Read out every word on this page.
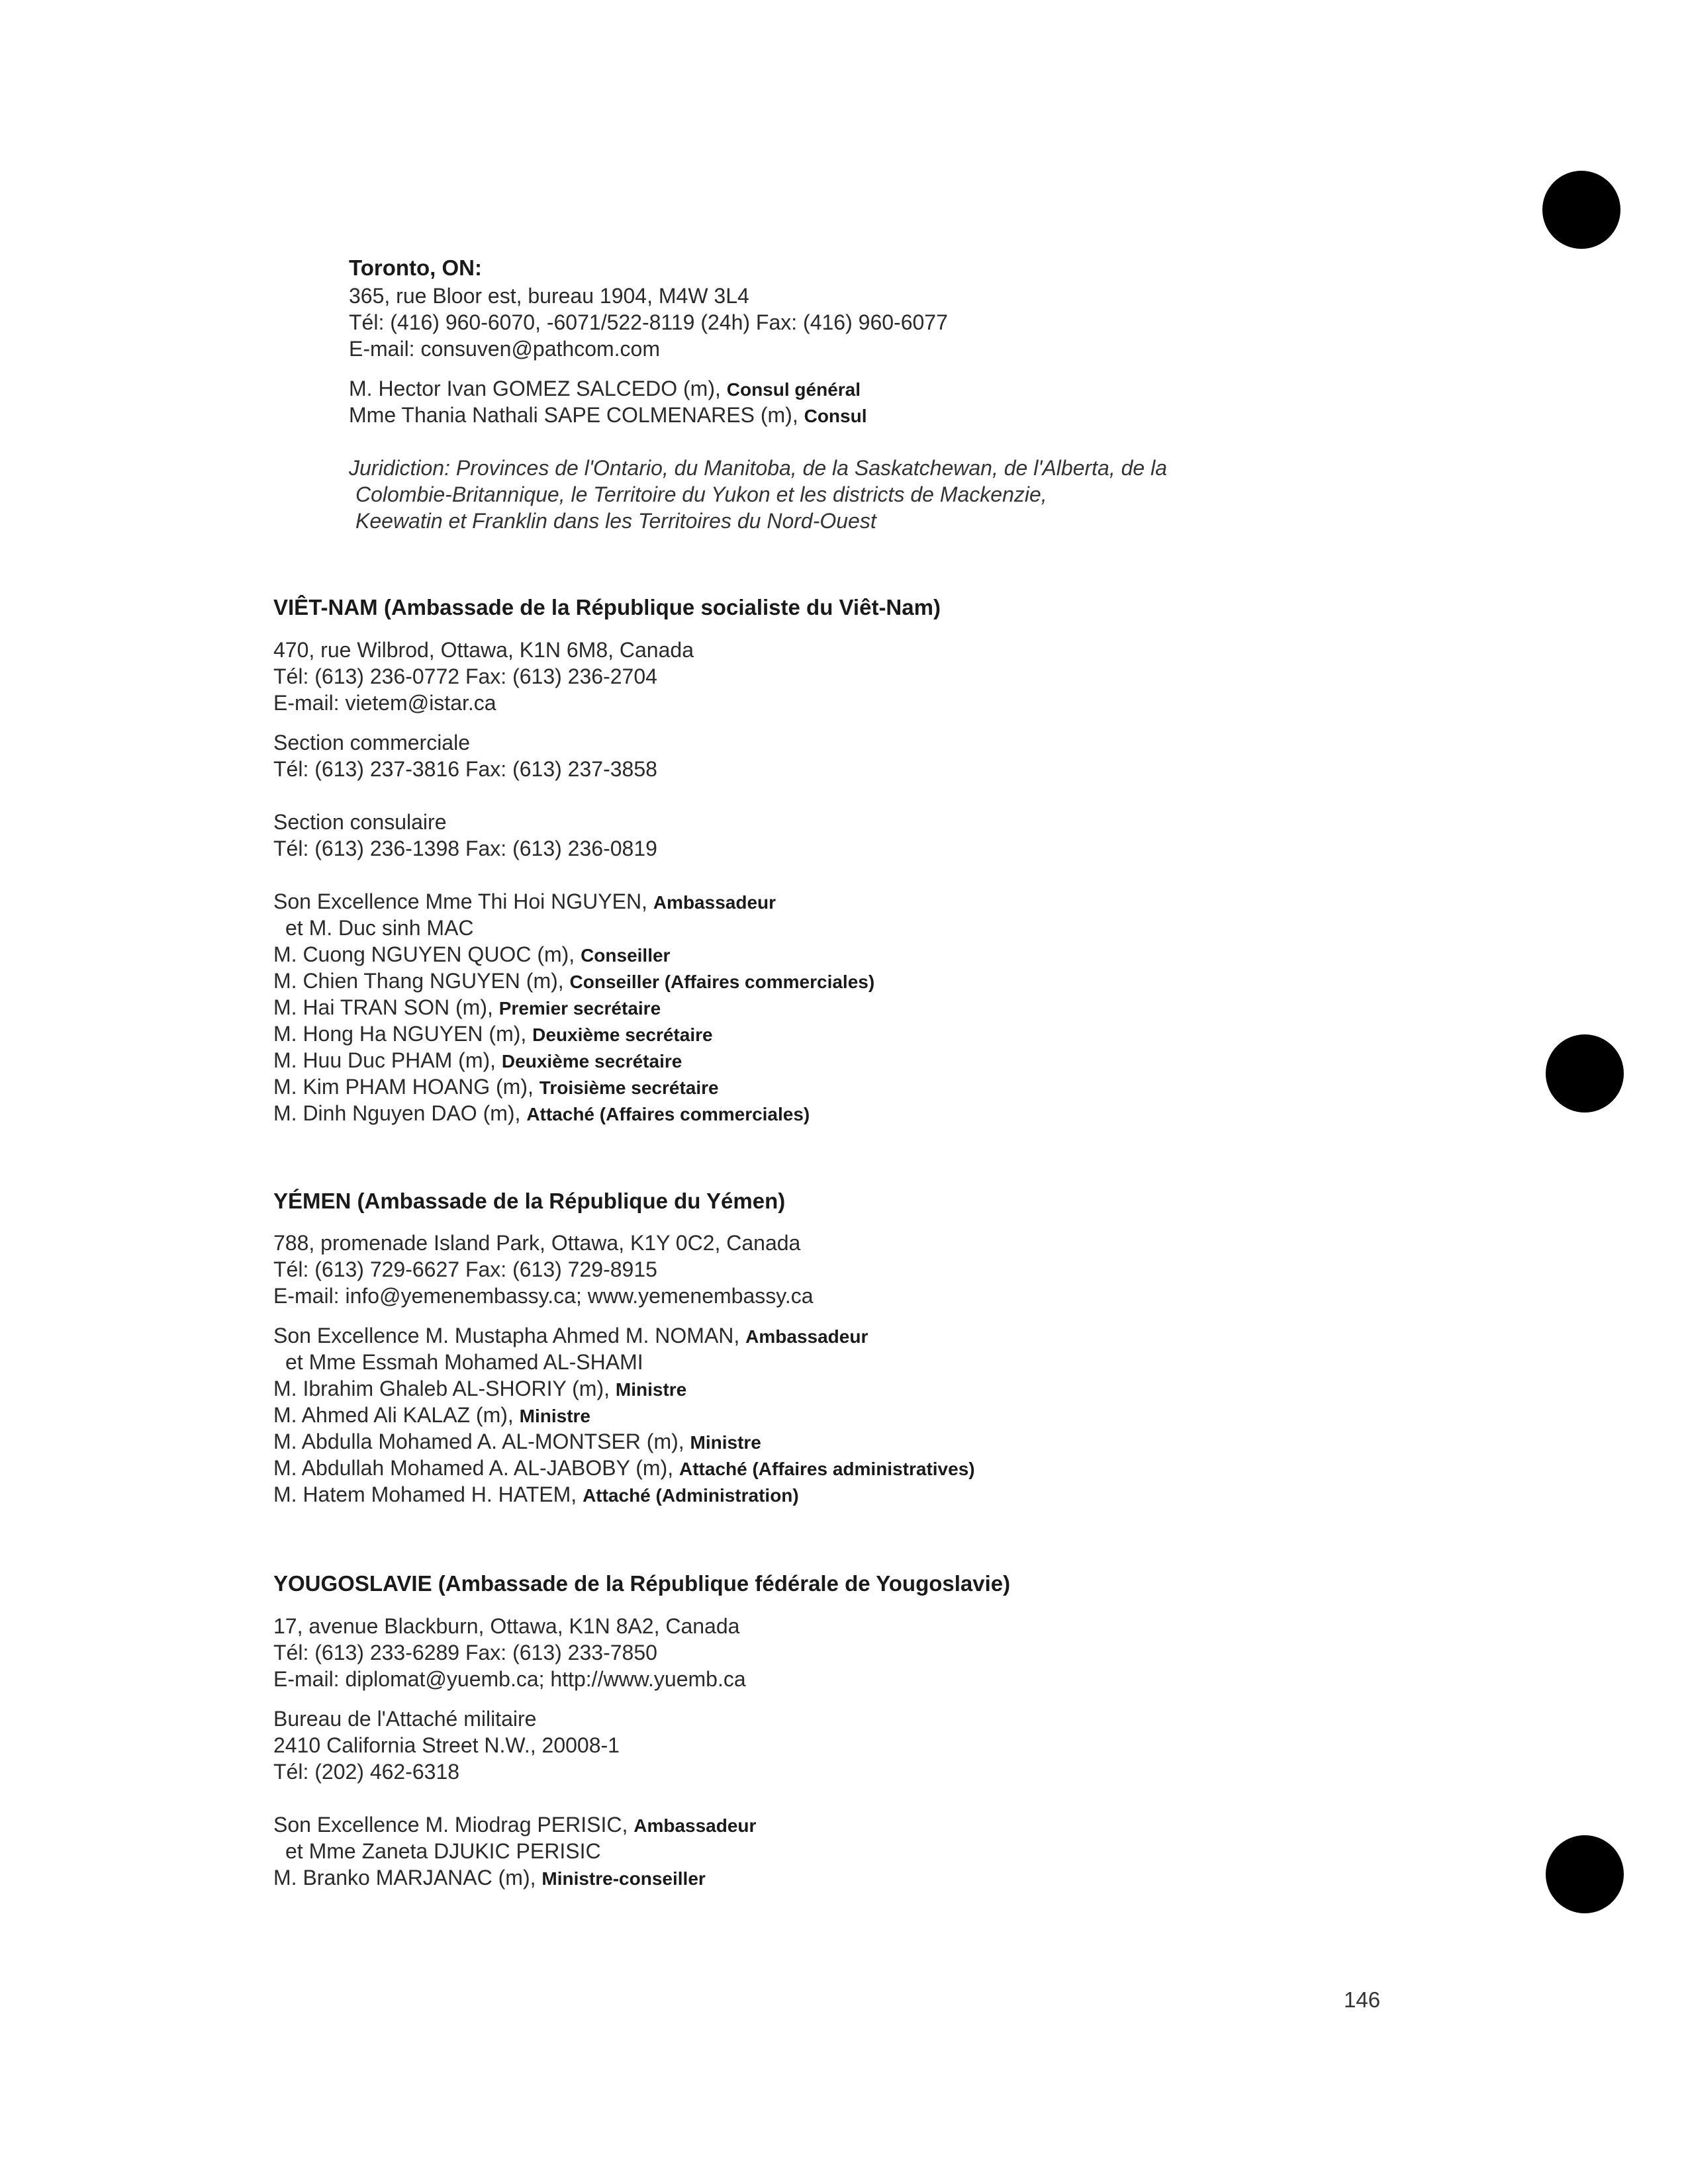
Toronto, ON:
365, rue Bloor est, bureau 1904, M4W 3L4
Tél: (416) 960-6070, -6071/522-8119 (24h) Fax: (416) 960-6077
E-mail: consuven@pathcom.com
M. Hector Ivan GOMEZ SALCEDO (m), Consul général
Mme Thania Nathali SAPE COLMENARES (m), Consul
Juridiction: Provinces de l'Ontario, du Manitoba, de la Saskatchewan, de l'Alberta, de la
Colombie-Britannique, le Territoire du Yukon et les districts de Mackenzie,
Keewatin et Franklin dans les Territoires du Nord-Ouest
VIÊT-NAM (Ambassade de la République socialiste du Viêt-Nam)
470, rue Wilbrod, Ottawa, K1N 6M8, Canada
Tél: (613) 236-0772 Fax: (613) 236-2704
E-mail: vietem@istar.ca
Section commerciale
Tél: (613) 237-3816 Fax: (613) 237-3858
Section consulaire
Tél: (613) 236-1398 Fax: (613) 236-0819
Son Excellence Mme Thi Hoi NGUYEN, Ambassadeur
et M. Duc sinh MAC
M. Cuong NGUYEN QUOC (m), Conseiller
M. Chien Thang NGUYEN (m), Conseiller (Affaires commerciales)
M. Hai TRAN SON (m), Premier secrétaire
M. Hong Ha NGUYEN (m), Deuxième secrétaire
M. Huu Duc PHAM (m), Deuxième secrétaire
M. Kim PHAM HOANG (m), Troisième secrétaire
M. Dinh Nguyen DAO (m), Attaché (Affaires commerciales)
YÉMEN (Ambassade de la République du Yémen)
788, promenade Island Park, Ottawa, K1Y 0C2, Canada
Tél: (613) 729-6627 Fax: (613) 729-8915
E-mail: info@yemenembassy.ca; www.yemenembassy.ca
Son Excellence M. Mustapha Ahmed M. NOMAN, Ambassadeur
et Mme Essmah Mohamed AL-SHAMI
M. Ibrahim Ghaleb AL-SHORIY (m), Ministre
M. Ahmed Ali KALAZ (m), Ministre
M. Abdulla Mohamed A. AL-MONTSER (m), Ministre
M. Abdullah Mohamed A. AL-JABOBY (m), Attaché (Affaires administratives)
M. Hatem Mohamed H. HATEM, Attaché (Administration)
YOUGOSLAVIE (Ambassade de la République fédérale de Yougoslavie)
17, avenue Blackburn, Ottawa, K1N 8A2, Canada
Tél: (613) 233-6289 Fax: (613) 233-7850
E-mail: diplomat@yuemb.ca; http://www.yuemb.ca
Bureau de l'Attaché militaire
2410 California Street N.W., 20008-1
Tél: (202) 462-6318
Son Excellence M. Miodrag PERISIC, Ambassadeur
et Mme Zaneta DJUKIC PERISIC
M. Branko MARJANAC (m), Ministre-conseiller
146
